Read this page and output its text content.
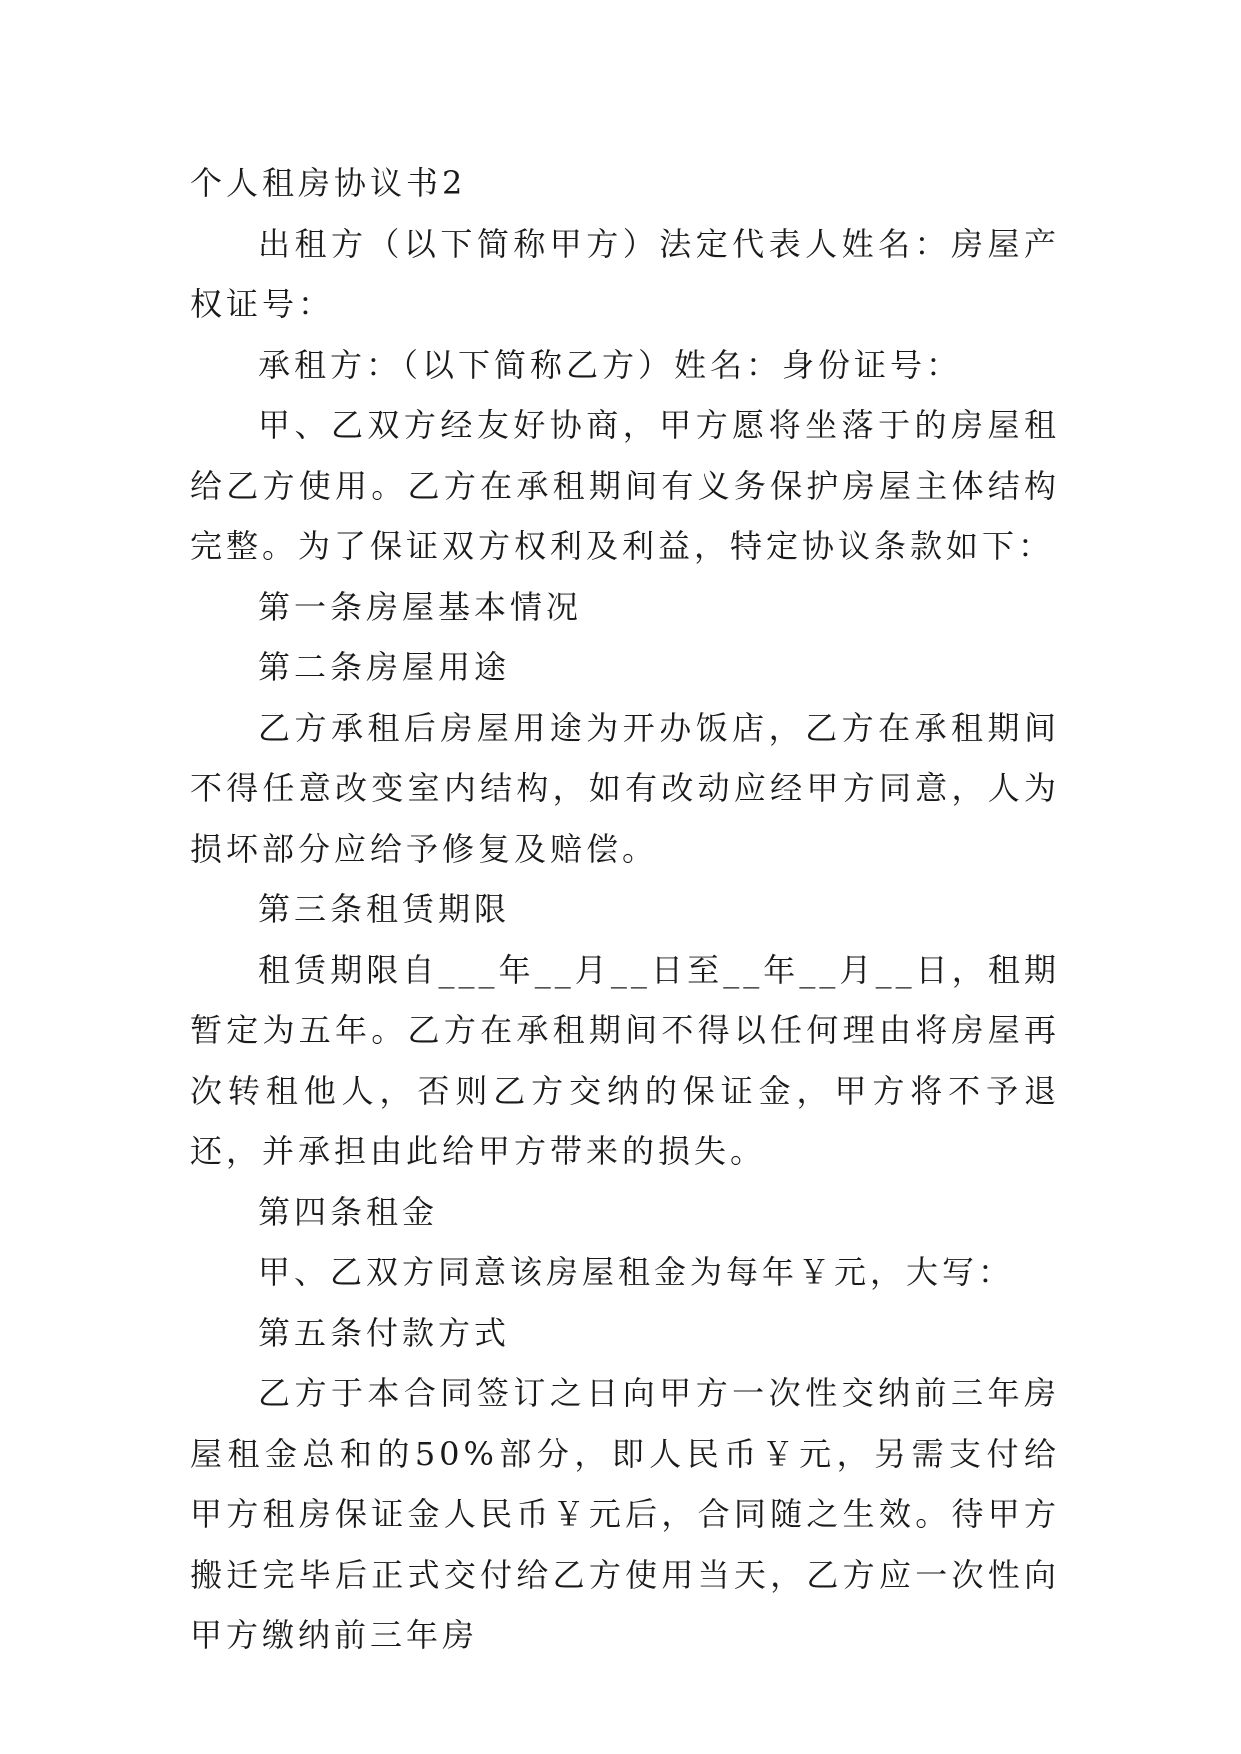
个人租房协议书2

出租方（以下简称甲方）法定代表人姓名：房屋产权证号：

承租方：（以下简称乙方）姓名：身份证号：

甲、乙双方经友好协商，甲方愿将坐落于的房屋租给乙方使用。乙方在承租期间有义务保护房屋主体结构完整。为了保证双方权利及利益，特定协议条款如下：

第一条房屋基本情况

第二条房屋用途

乙方承租后房屋用途为开办饭店，乙方在承租期间不得任意改变室内结构，如有改动应经甲方同意，人为损坏部分应给予修复及赔偿。

第三条租赁期限

租赁期限自___年__月__日至__年__月__日，租期暂定为五年。乙方在承租期间不得以任何理由将房屋再次转租他人，否则乙方交纳的保证金，甲方将不予退还，并承担由此给甲方带来的损失。

第四条租金

甲、乙双方同意该房屋租金为每年￥元，大写：

第五条付款方式

乙方于本合同签订之日向甲方一次性交纳前三年房屋租金总和的50%部分，即人民币￥元，另需支付给甲方租房保证金人民币￥元后，合同随之生效。待甲方搬迁完毕后正式交付给乙方使用当天，乙方应一次性向甲方缴纳前三年房
